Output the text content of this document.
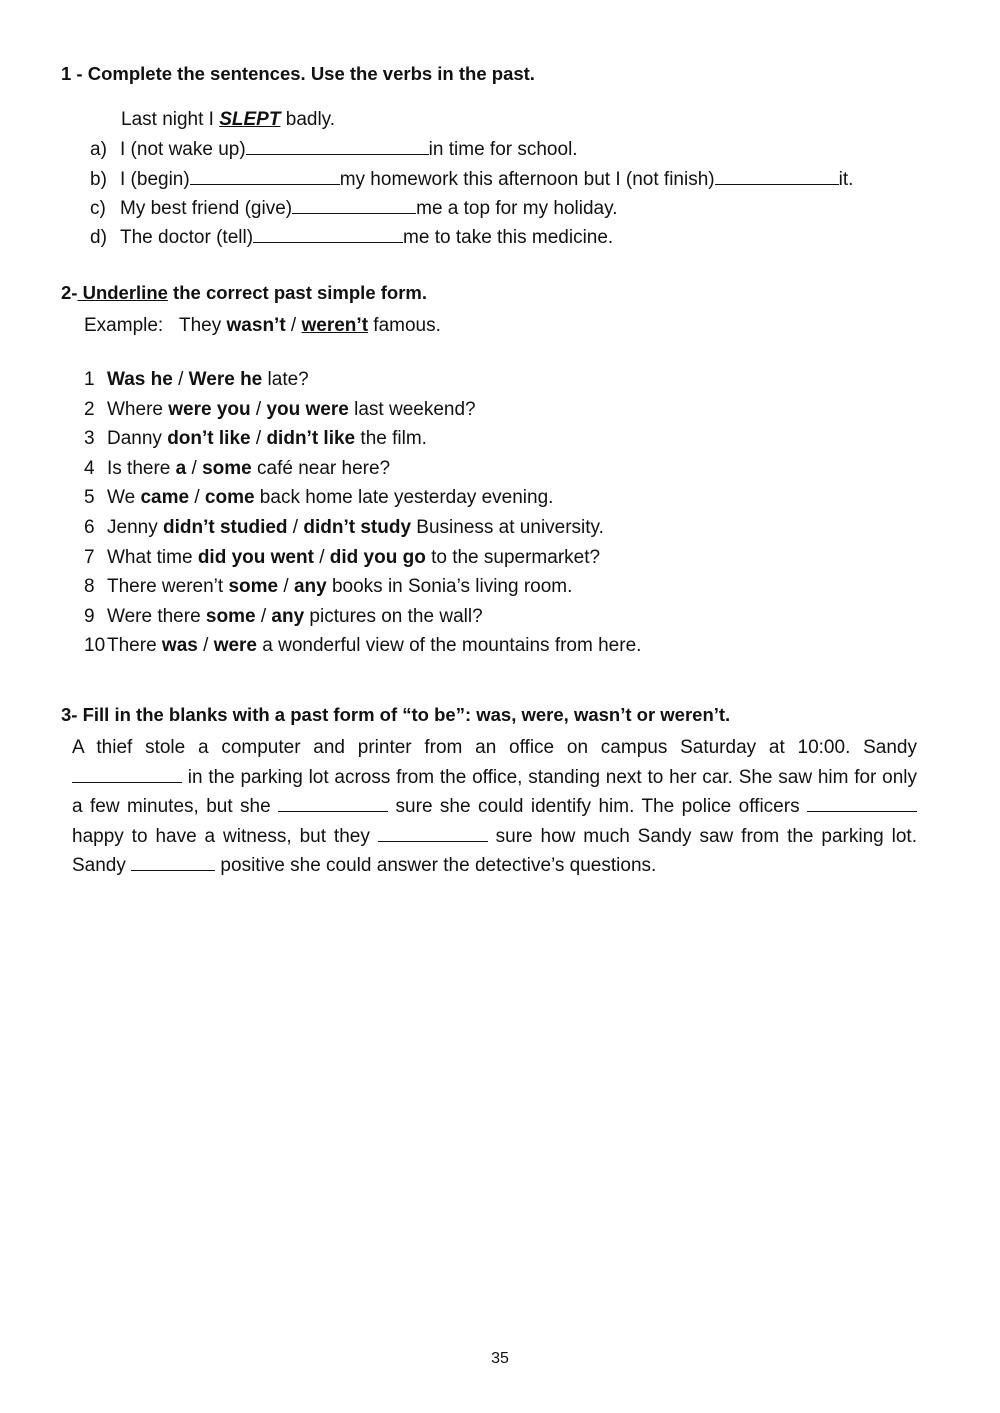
1 - Complete the sentences. Use the verbs in the past.
Last night I SLEPT badly.
a) I (not wake up)	in time for school.
b) I (begin)	my homework this afternoon but I (not finish)	it.
c) My best friend (give)	me a top for my holiday.
d) The doctor (tell)	me to take this medicine.
2- Underline the correct past simple form.
Example: They wasn’t / weren’t famous.
1 Was he / Were he late?
2 Where were you / you were last weekend?
3 Danny don’t like / didn’t like the film.
4 Is there a / some café near here?
5 We came / come back home late yesterday evening.
6 Jenny didn’t studied / didn’t study Business at university.
7 What time did you went / did you go to the supermarket?
8 There weren’t some / any books in Sonia’s living room.
9 Were there some / any pictures on the wall?
10There was / were a wonderful view of the mountains from here.
3- Fill in the blanks with a past form of “to be”: was, were, wasn’t or weren’t.
A thief stole a computer and printer from an office on campus Saturday at 10:00. Sandy  in the parking lot across from the office, standing next to her car. She saw him for only a few minutes, but she	sure she could identify him. The police officers  happy to have a witness, but they	sure how much Sandy saw from the parking lot. Sandy	positive she could answer the detective’s questions.
35
